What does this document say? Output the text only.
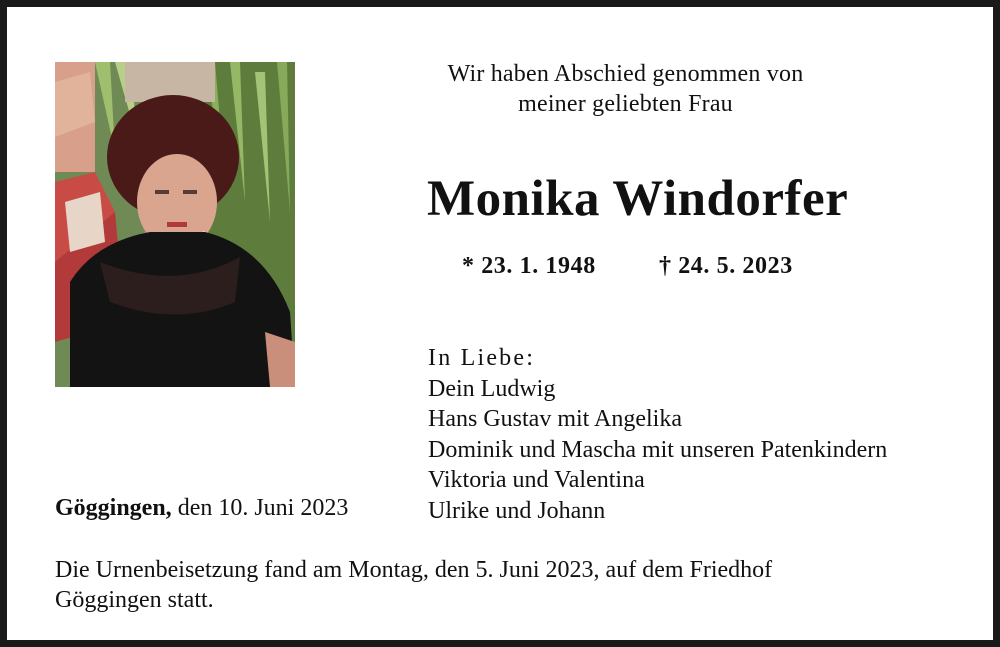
Wir haben Abschied genommen von
meiner geliebten Frau
Monika Windorfer
* 23. 1. 1948	† 24. 5. 2023
In Liebe:
Dein Ludwig
Hans Gustav mit Angelika
Dominik und Mascha mit unseren Patenkindern
Viktoria und Valentina
Ulrike und Johann
Göggingen, den 10. Juni 2023
Die Urnenbeisetzung fand am Montag, den 5. Juni 2023, auf dem Friedhof
Göggingen statt.
